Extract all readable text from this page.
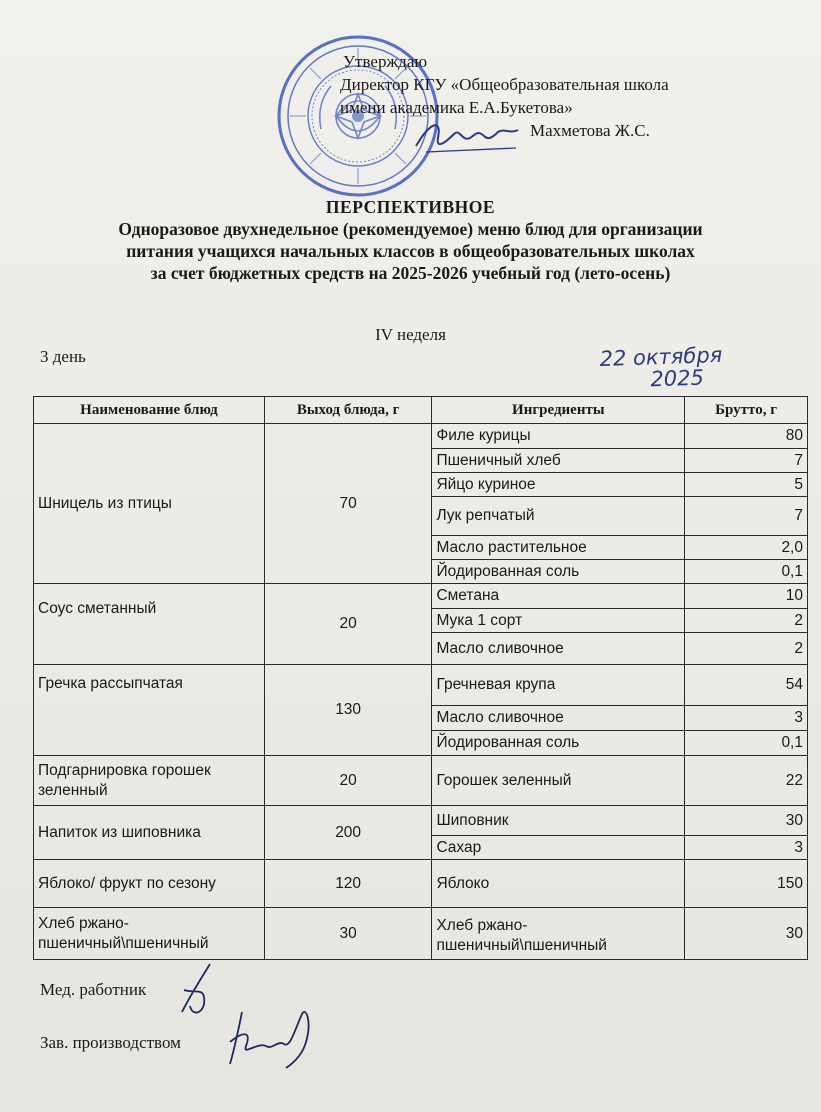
Утверждаю
Директор КГУ «Общеобразовательная школа
имени академика Е.А.Букетова»
Махметова Ж.С.
ПЕРСПЕКТИВНОЕ
Одноразовое двухнедельное (рекомендуемое) меню блюд для организации
питания учащихся начальных классов в общеобразовательных школах
за счет бюджетных средств на 2025-2026 учебный год (лето-осень)
IV неделя
3 день	22 октября
2025
Наименование блюд	Выход блюда, г	Ингредиенты	Брутто, г
Шницель из птицы	70	Филе курицы	80
		Пшеничный хлеб	7
		Яйцо куриное	5
		Лук репчатый	7
		Масло растительное	2,0
		Йодированная соль	0,1
Соус сметанный	20	Сметана	10
		Мука 1 сорт	2
		Масло сливочное	2
Гречка рассыпчатая	130	Гречневая крупа	54
		Масло сливочное	3
		Йодированная соль	0,1
Подгарнировка горошек зеленный	20	Горошек зеленный	22
Напиток из шиповника	200	Шиповник	30
		Сахар	3
Яблоко/ фрукт по сезону	120	Яблоко	150
Хлеб ржано-пшеничный\пшеничный	30	Хлеб ржано-пшеничный\пшеничный	30
Мед. работник
Зав. производством
